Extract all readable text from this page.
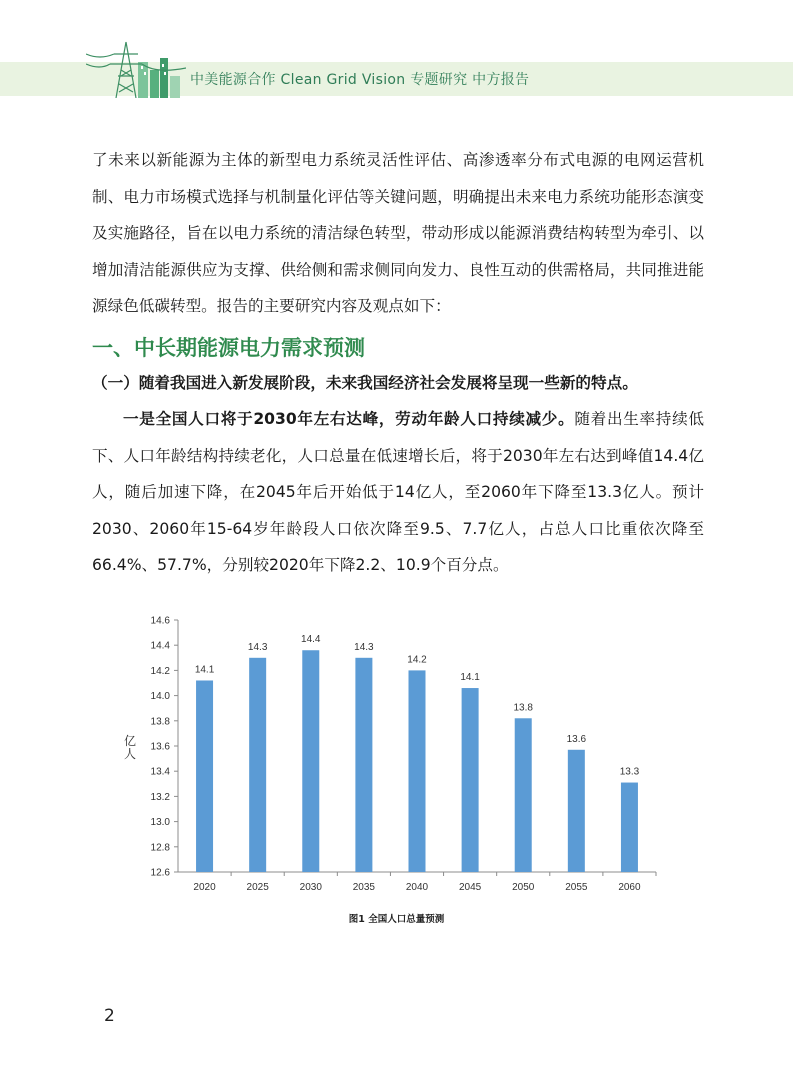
中美能源合作 Clean Grid Vision 专题研究 中方报告

了未来以新能源为主体的新型电力系统灵活性评估、高渗透率分布式电源的电网运营机制、电力市场模式选择与机制量化评估等关键问题，明确提出未来电力系统功能形态演变及实施路径，旨在以电力系统的清洁绿色转型，带动形成以能源消费结构转型为牵引、以增加清洁能源供应为支撑、供给侧和需求侧同向发力、良性互动的供需格局，共同推进能源绿色低碳转型。报告的主要研究内容及观点如下：

一、中长期能源电力需求预测
（一）随着我国进入新发展阶段，未来我国经济社会发展将呈现一些新的特点。

一是全国人口将于2030年左右达峰，劳动年龄人口持续减少。随着出生率持续低下、人口年龄结构持续老化，人口总量在低速增长后，将于2030年左右达到峰值14.4亿人，随后加速下降，在2045年后开始低于14亿人，至2060年下降至13.3亿人。预计2030、2060年15-64岁年龄段人口依次降至9.5、7.7亿人，占总人口比重依次降至66.4%、57.7%，分别较2020年下降2.2、10.9个百分点。

14.6
14.4
14.2
14.0
13.8
13.6
13.4
13.2
13.0
12.8
12.6
亿
人
14.1
2020
14.3
2025
14.4
2030
14.3
2035
14.2
2040
14.1
2045
13.8
2050
13.6
2055
13.3
2060
图1 全国人口总量预测
2
